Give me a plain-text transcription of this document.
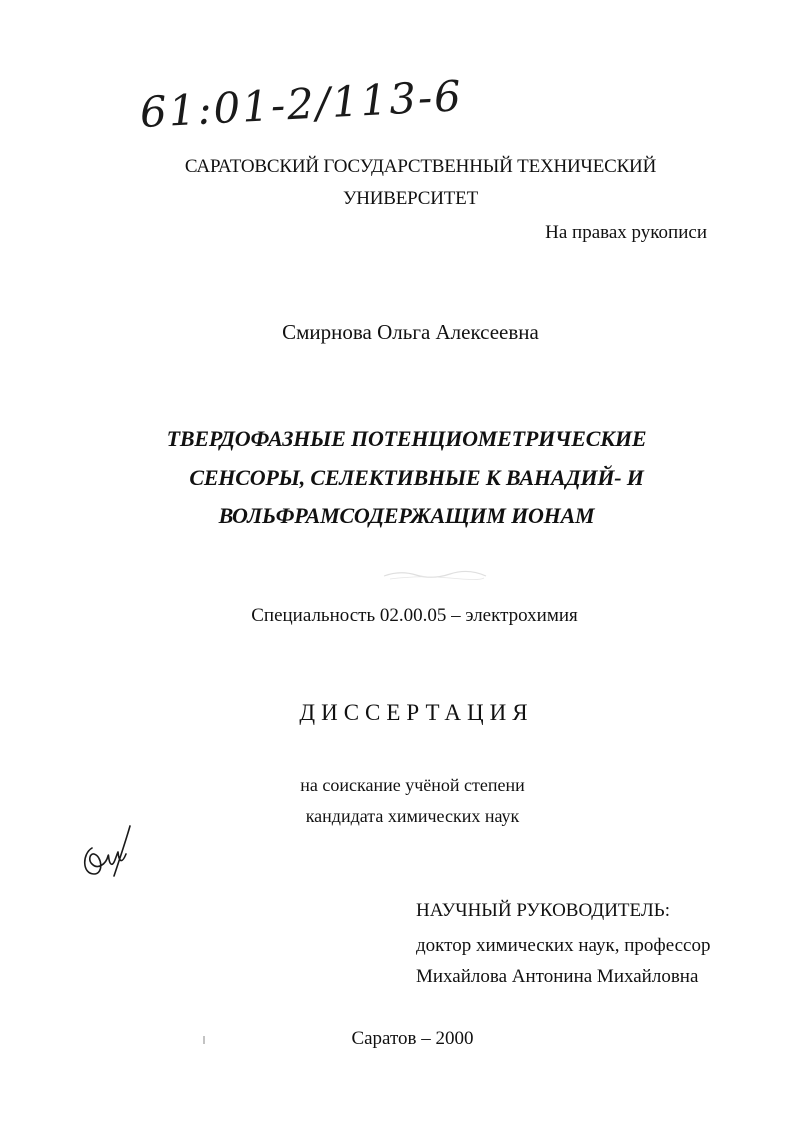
61:01-2/113-6
САРАТОВСКИЙ ГОСУДАРСТВЕННЫЙ ТЕХНИЧЕСКИЙ
УНИВЕРСИТЕТ
На правах рукописи
Смирнова Ольга Алексеевна
ТВЕРДОФАЗНЫЕ ПОТЕНЦИОМЕТРИЧЕСКИЕ
СЕНСОРЫ, СЕЛЕКТИВНЫЕ К ВАНАДИЙ- И
ВОЛЬФРАМСОДЕРЖАЩИМ ИОНАМ
Специальность 02.00.05 – электрохимия
ДИССЕРТАЦИЯ
на соискание учёной степени
кандидата химических наук
НАУЧНЫЙ РУКОВОДИТЕЛЬ:
доктор химических наук, профессор
Михайлова Антонина Михайловна
Саратов – 2000
